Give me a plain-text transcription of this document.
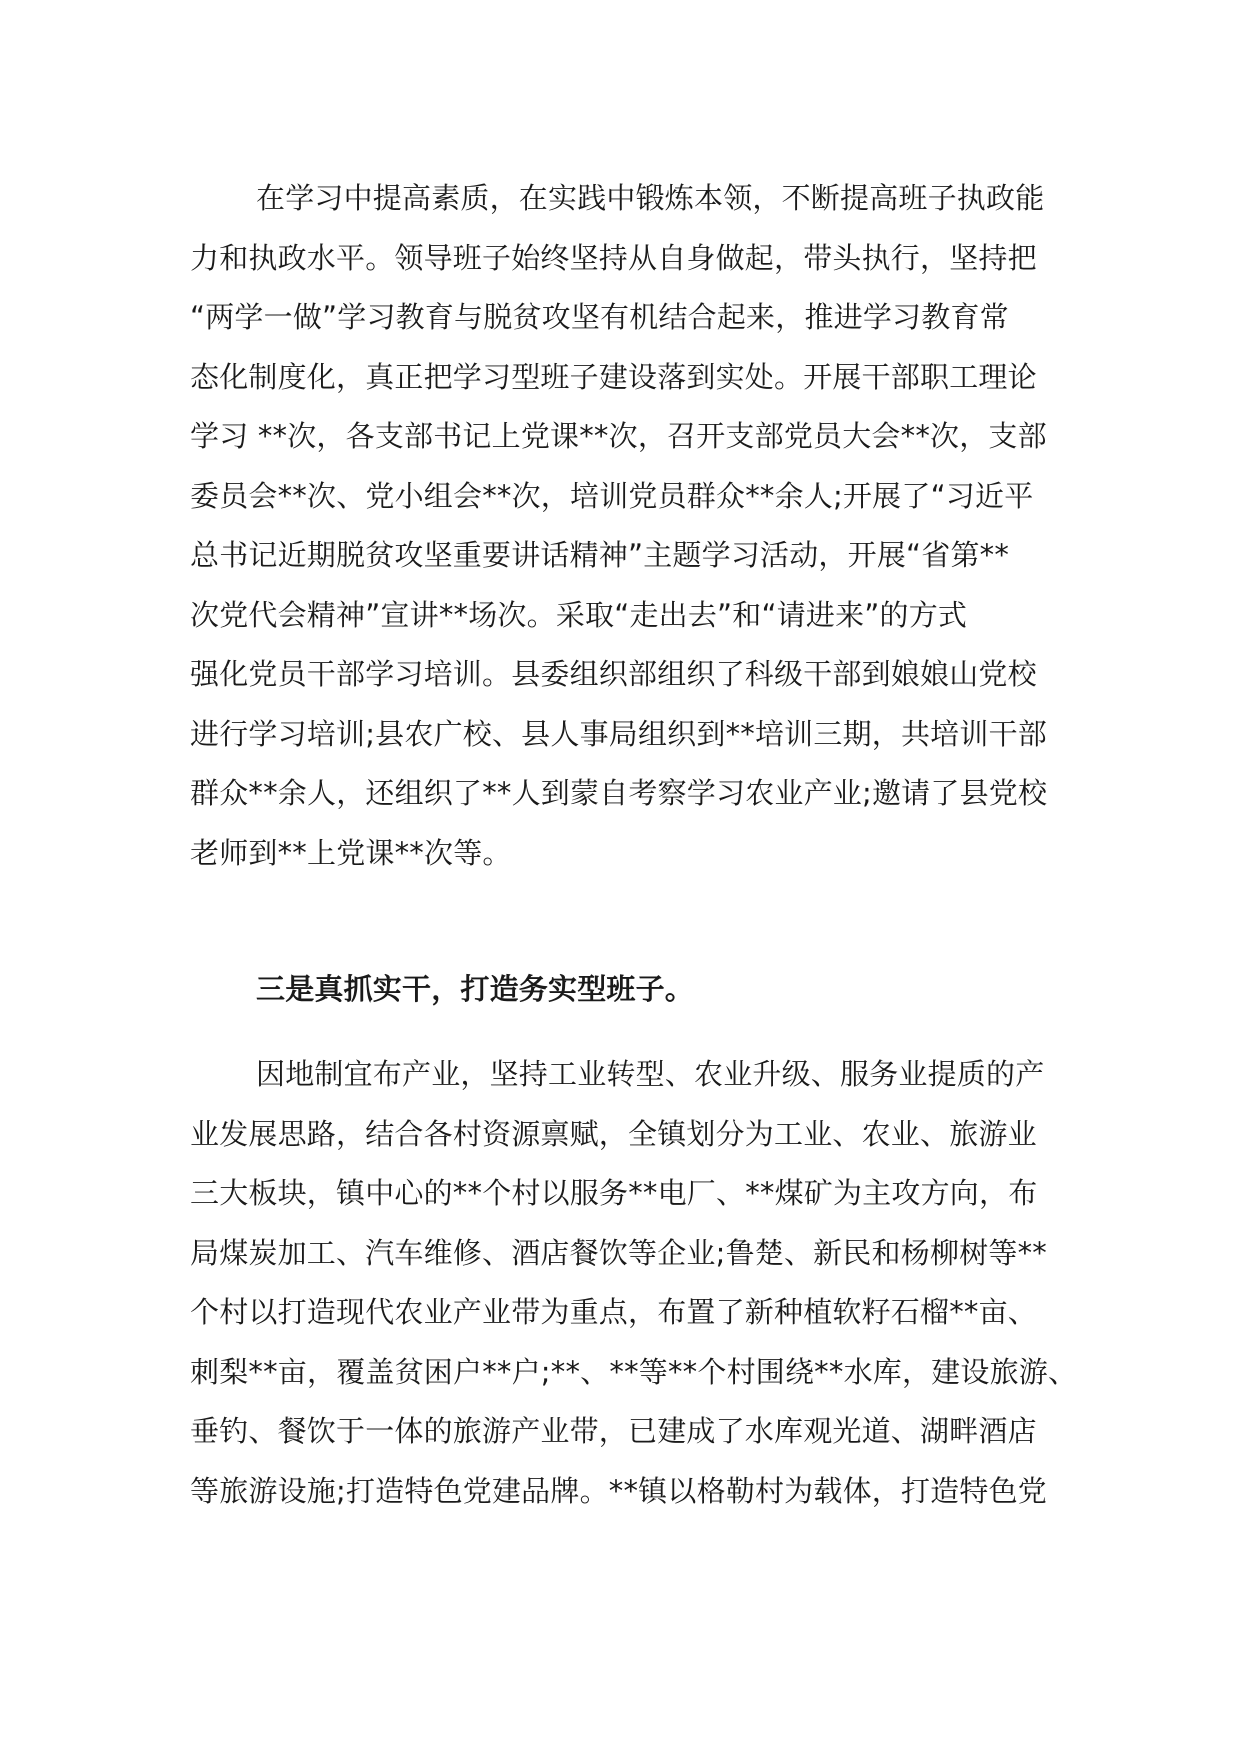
在学习中提高素质，在实践中锻炼本领，不断提高班子执政能
力和执政水平。领导班子始终坚持从自身做起，带头执行，坚持把
“两学一做”学习教育与脱贫攻坚有机结合起来，推进学习教育常
态化制度化，真正把学习型班子建设落到实处。开展干部职工理论
学习 **次，各支部书记上党课**次，召开支部党员大会**次，支部
委员会**次、党小组会**次，培训党员群众**余人;开展了“习近平
总书记近期脱贫攻坚重要讲话精神”主题学习活动，开展“省第**
次党代会精神”宣讲**场次。采取“走出去”和“请进来”的方式
强化党员干部学习培训。县委组织部组织了科级干部到娘娘山党校
进行学习培训;县农广校、县人事局组织到**培训三期，共培训干部
群众**余人，还组织了**人到蒙自考察学习农业产业;邀请了县党校
老师到**上党课**次等。
三是真抓实干，打造务实型班子。
因地制宜布产业，坚持工业转型、农业升级、服务业提质的产
业发展思路，结合各村资源禀赋，全镇划分为工业、农业、旅游业
三大板块，镇中心的**个村以服务**电厂、**煤矿为主攻方向，布
局煤炭加工、汽车维修、酒店餐饮等企业;鲁楚、新民和杨柳树等**
个村以打造现代农业产业带为重点，布置了新种植软籽石榴**亩、
刺梨**亩，覆盖贫困户**户;**、**等**个村围绕**水库，建设旅游、
垂钓、餐饮于一体的旅游产业带，已建成了水库观光道、湖畔酒店
等旅游设施;打造特色党建品牌。**镇以格勒村为载体，打造特色党
